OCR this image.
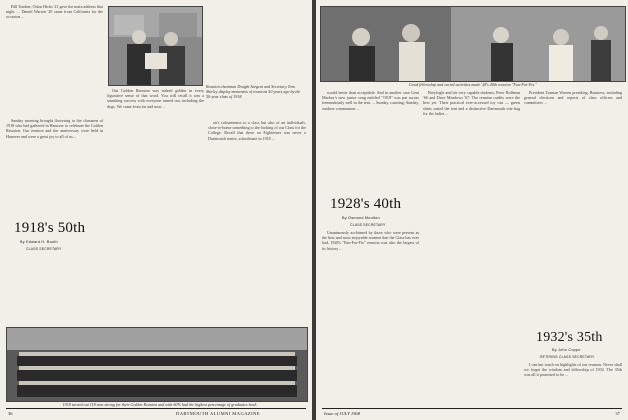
Bill Tomber, Otton Hicks '21 gave the main address that night. ... Daniel Warren '20 came from California for the occasion ...

Reunion chairman Dwight Sargent and Secretary Tom Shirley display mementos of reunions 50 years ago by the 50-year class of 1918.

Sunday morning brought flowering to the classmen of 1918 who had gathered in Hanover to celebrate the Golden Reunion. Our reunion and the anniversary were held in Hanover and were a great joy to all of us...

1918's 50th
By Edward H. Booth
CLASS SECRETARY

Our Golden Reunion was indeed golden in every figurative sense of that word. You will recall it was a smashing success with everyone turned out, including the dogs. We came from far and near ...

on's coleaeteness to a class but also of an individuals, close-to-home something to the looking of our Class for the College. Recall that there on Eighteener was never a Dartmouth senior, schoolmate in 1918 ...

1918 turned out 118 men strong for their Golden Reunion and with 60% had the highest percentage of graduates back.
36	DARTMOUTH ALUMNI MAGAZINE
Good fellowship and varied activities made '28's 40th reunion "Fun-Far-Fix."

would better than acceptable. And in another case Gent Markey's new junior song entitled "1918" was put across tremendously well in the tent. ... Sunday, roaming, Sunday, outdoor communion ...

1928's 40th
By Osmond Moulton
CLASS SECRETARY

Unanimously acclaimed by those who were present as the best and most enjoyable reunion that the Class has ever had, 1928's "Fun-Far-Fix" reunion was also the largest of its history ...

Breyfogle and his very capable students, Peter Hollman '66 and Dave Meadows '67. The reunion outfits were the best yet. Their practical ever-accessed toy can — green shirts suited the tent and a distinctive Dartmouth tote bag for the ladies ...

President Truman Warren presiding, Business, including general elections and reports of class officers and committees ...

1932's 35th
By John Coppo
RETIRING CLASS SECRETARY

I can but touch on highlights of our reunion. Never shall we forget the wisdom and fellowship of 1932. The 35th was all it promised to be ...

Issue of JULY 1968	37
